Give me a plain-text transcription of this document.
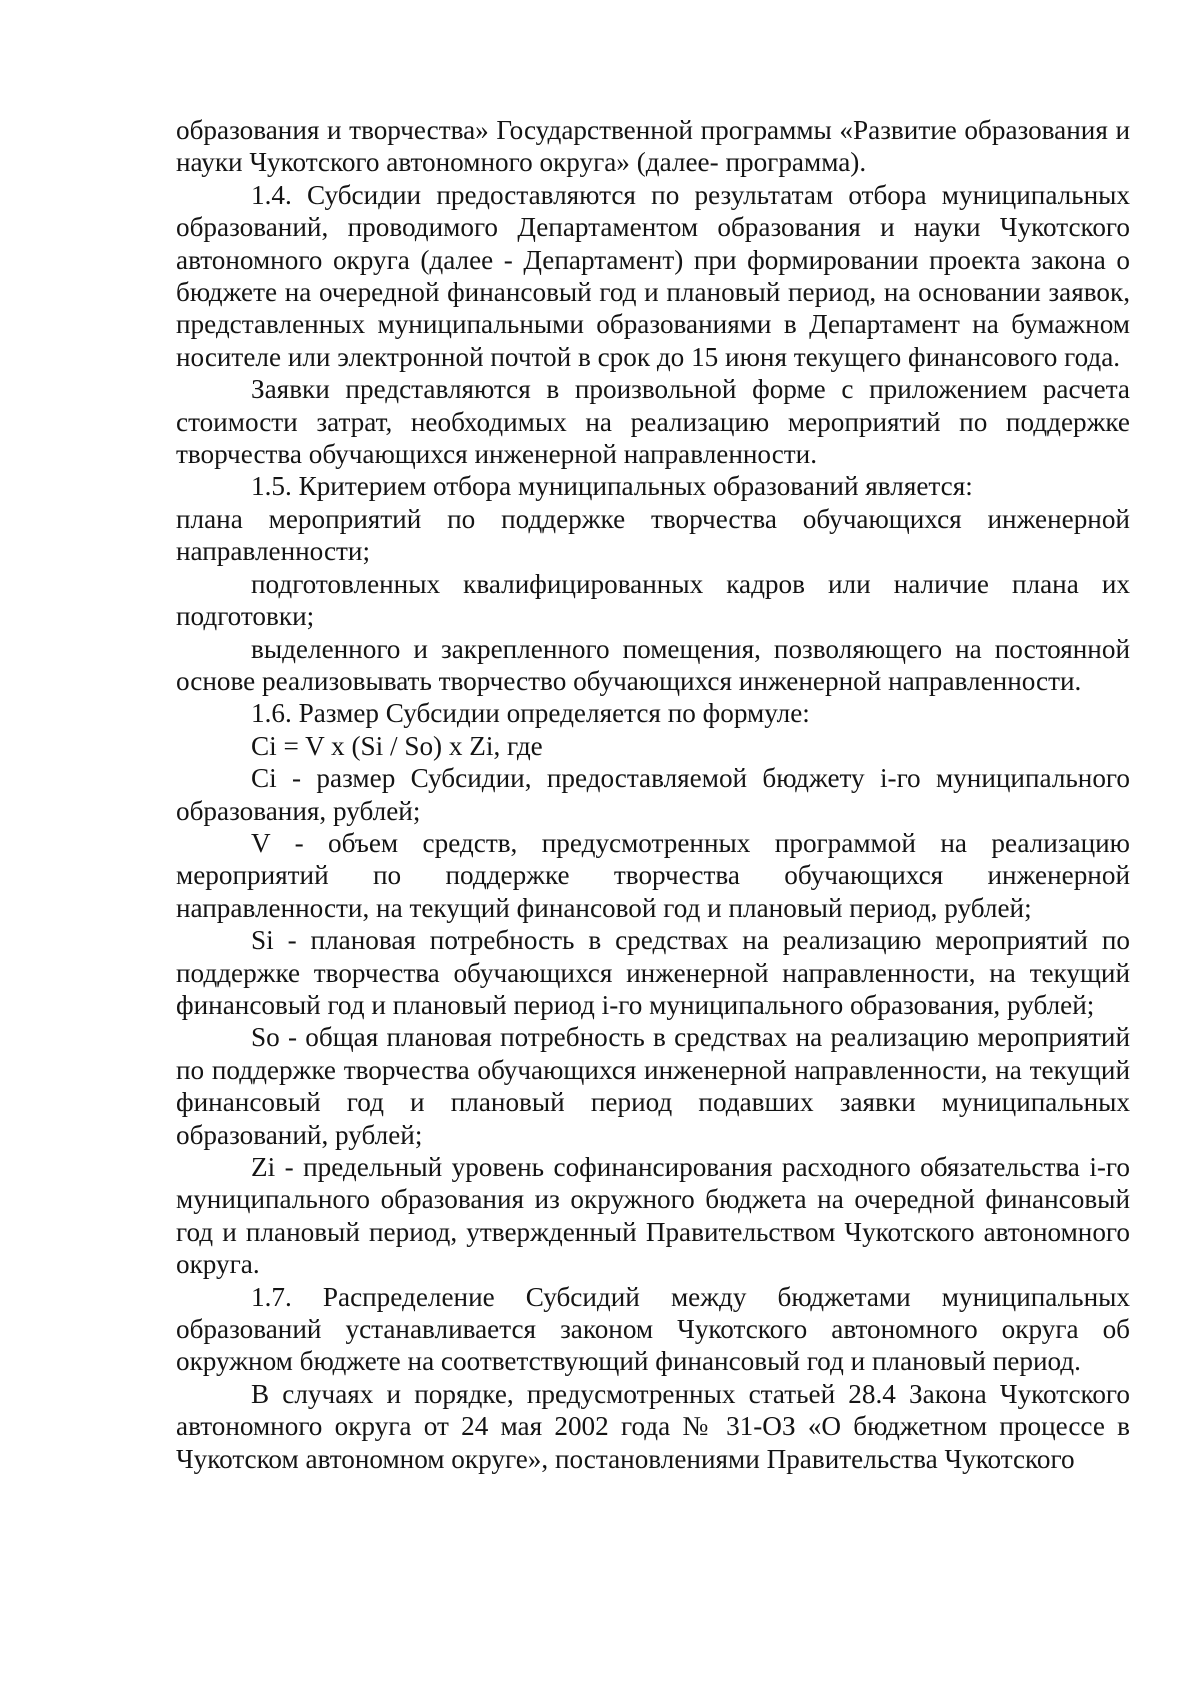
образования и творчества» Государственной программы «Развитие образования и науки Чукотского автономного округа» (далее- программа).

1.4. Субсидии предоставляются по результатам отбора муниципальных образований, проводимого Департаментом образования и науки Чукотского автономного округа (далее - Департамент) при формировании проекта закона о бюджете на очередной финансовый год и плановый период, на основании заявок, представленных муниципальными образованиями в Департамент на бумажном носителе или электронной почтой в срок до 15 июня текущего финансового года.

Заявки представляются в произвольной форме с приложением расчета стоимости затрат, необходимых на реализацию мероприятий по поддержке творчества обучающихся инженерной направленности.

1.5. Критерием отбора муниципальных образований является:

плана мероприятий по поддержке творчества обучающихся инженерной направленности;

подготовленных квалифицированных кадров или наличие плана их подготовки;

выделенного и закрепленного помещения, позволяющего на постоянной основе реализовывать творчество обучающихся инженерной направленности.

1.6. Размер Субсидии определяется по формуле:

Ci = V x (Si / So) x Zi, где

Ci - размер Субсидии, предоставляемой бюджету i-го муниципального образования, рублей;

V - объем средств, предусмотренных программой на реализацию мероприятий по поддержке творчества обучающихся инженерной направленности, на текущий финансовой год и плановый период, рублей;

Si - плановая потребность в средствах на реализацию мероприятий по поддержке творчества обучающихся инженерной направленности, на текущий финансовый год и плановый период i-го муниципального образования, рублей;

So - общая плановая потребность в средствах на реализацию мероприятий по поддержке творчества обучающихся инженерной направленности, на текущий финансовый год и плановый период подавших заявки муниципальных образований, рублей;

Zi - предельный уровень софинансирования расходного обязательства i-го муниципального образования из окружного бюджета на очередной финансовый год и плановый период, утвержденный Правительством Чукотского автономного округа.

1.7. Распределение Субсидий между бюджетами муниципальных образований устанавливается законом Чукотского автономного округа об окружном бюджете на соответствующий финансовый год и плановый период.

В случаях и порядке, предусмотренных статьей 28.4 Закона Чукотского автономного округа от 24 мая 2002 года № 31-ОЗ «О бюджетном процессе в Чукотском автономном округе», постановлениями Правительства Чукотского
